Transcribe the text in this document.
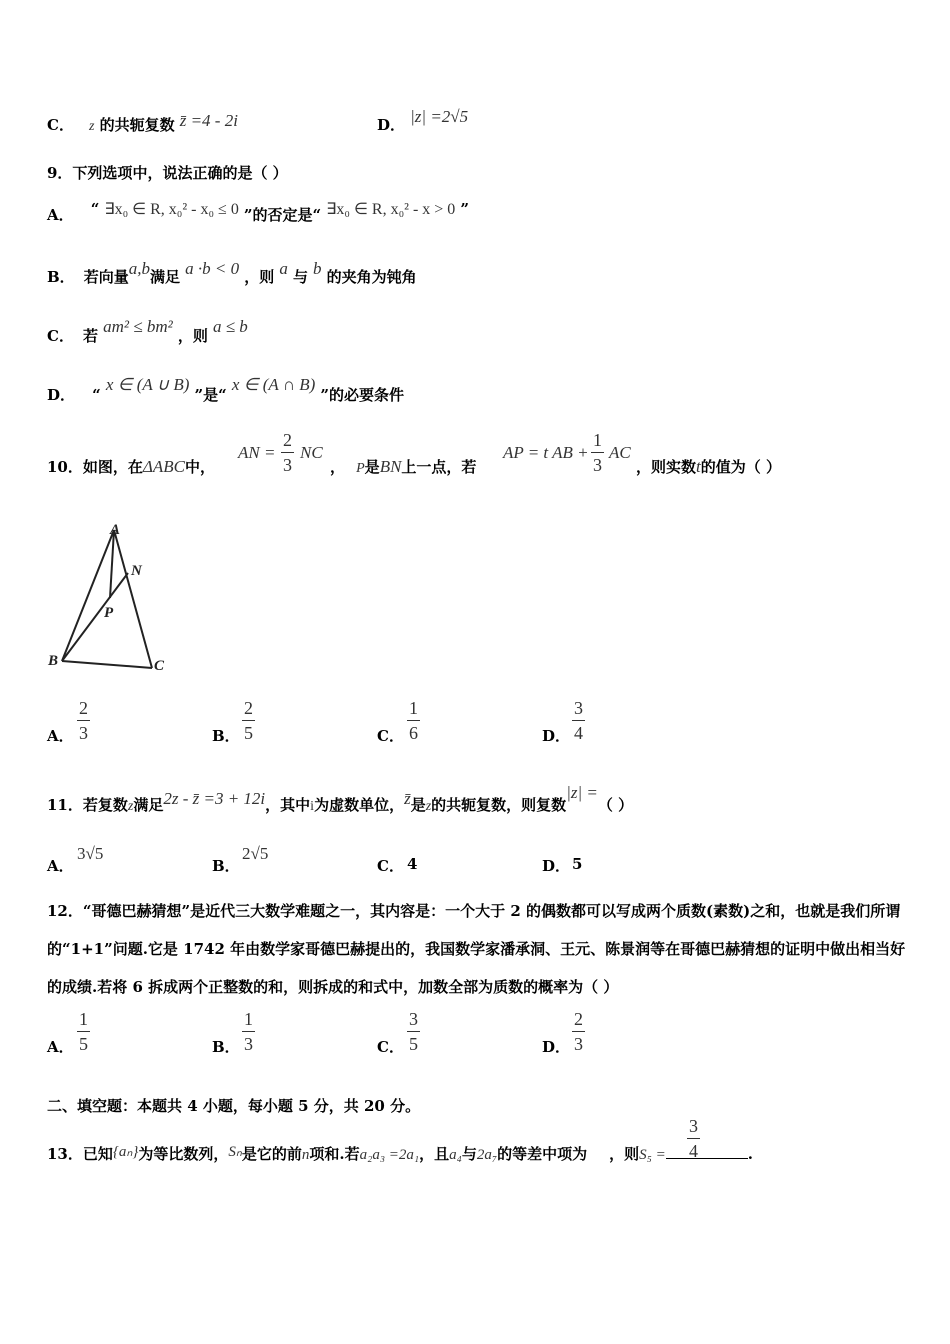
C． z 的共轭复数 z̄ =4 - 2i	D． |z| =2√5
9．下列选项中，说法正确的是（ ）
A． “ ∃x₀ ∈ R, x₀² - x₀ ≤ 0 ”的否定是“ ∃x₀ ∈ R, x₀² - x > 0 ”
B． 若向量a,b满足 a ·b < 0 ，则 a 与 b 的夹角为钝角
C． 若 am² ≤ bm² ，则 a ≤ b
D． “ x ∈ (A ∪ B) ”是“ x ∈ (A ∩ B) ”的必要条件
10．如图，在ΔABC中，
AN =
2
3
NC
， P是BN上一点，若
AP = t AB +
1
3
AC
，则实数t的值为（ ）
A
N
P
B	C
A．
2
3	B．
2
5	C．
1
6	D．
3
4
11．若复数z满足2z - z̄ =3 + 12i，其中i为虚数单位，z̄是z的共轭复数，则复数|z| =（ ）
A．
3√5
B．
2√5
C． 4	D． 5
12．“哥德巴赫猜想”是近代三大数学难题之一，其内容是：一个大于 2 的偶数都可以写成两个质数(素数)之和，也就是我们所谓的“1+1”问题.它是 1742 年由数学家哥德巴赫提出的，我国数学家潘承洞、王元、陈景润等在哥德巴赫猜想的证明中做出相当好的成绩.若将 6 拆成两个正整数的和，则拆成的和式中，加数全部为质数的概率为（ ）
A．
1
5	B．
1
3	C．
3
5	D．
2
3
二、填空题：本题共 4 小题，每小题 5 分，共 20 分。
13．已知{aₙ}为等比数列，Sₙ是它的前n项和.若a₂a₃ =2a₁，且a₄与2a₇的等差中项为 ，则S₅ =	.
3
4
